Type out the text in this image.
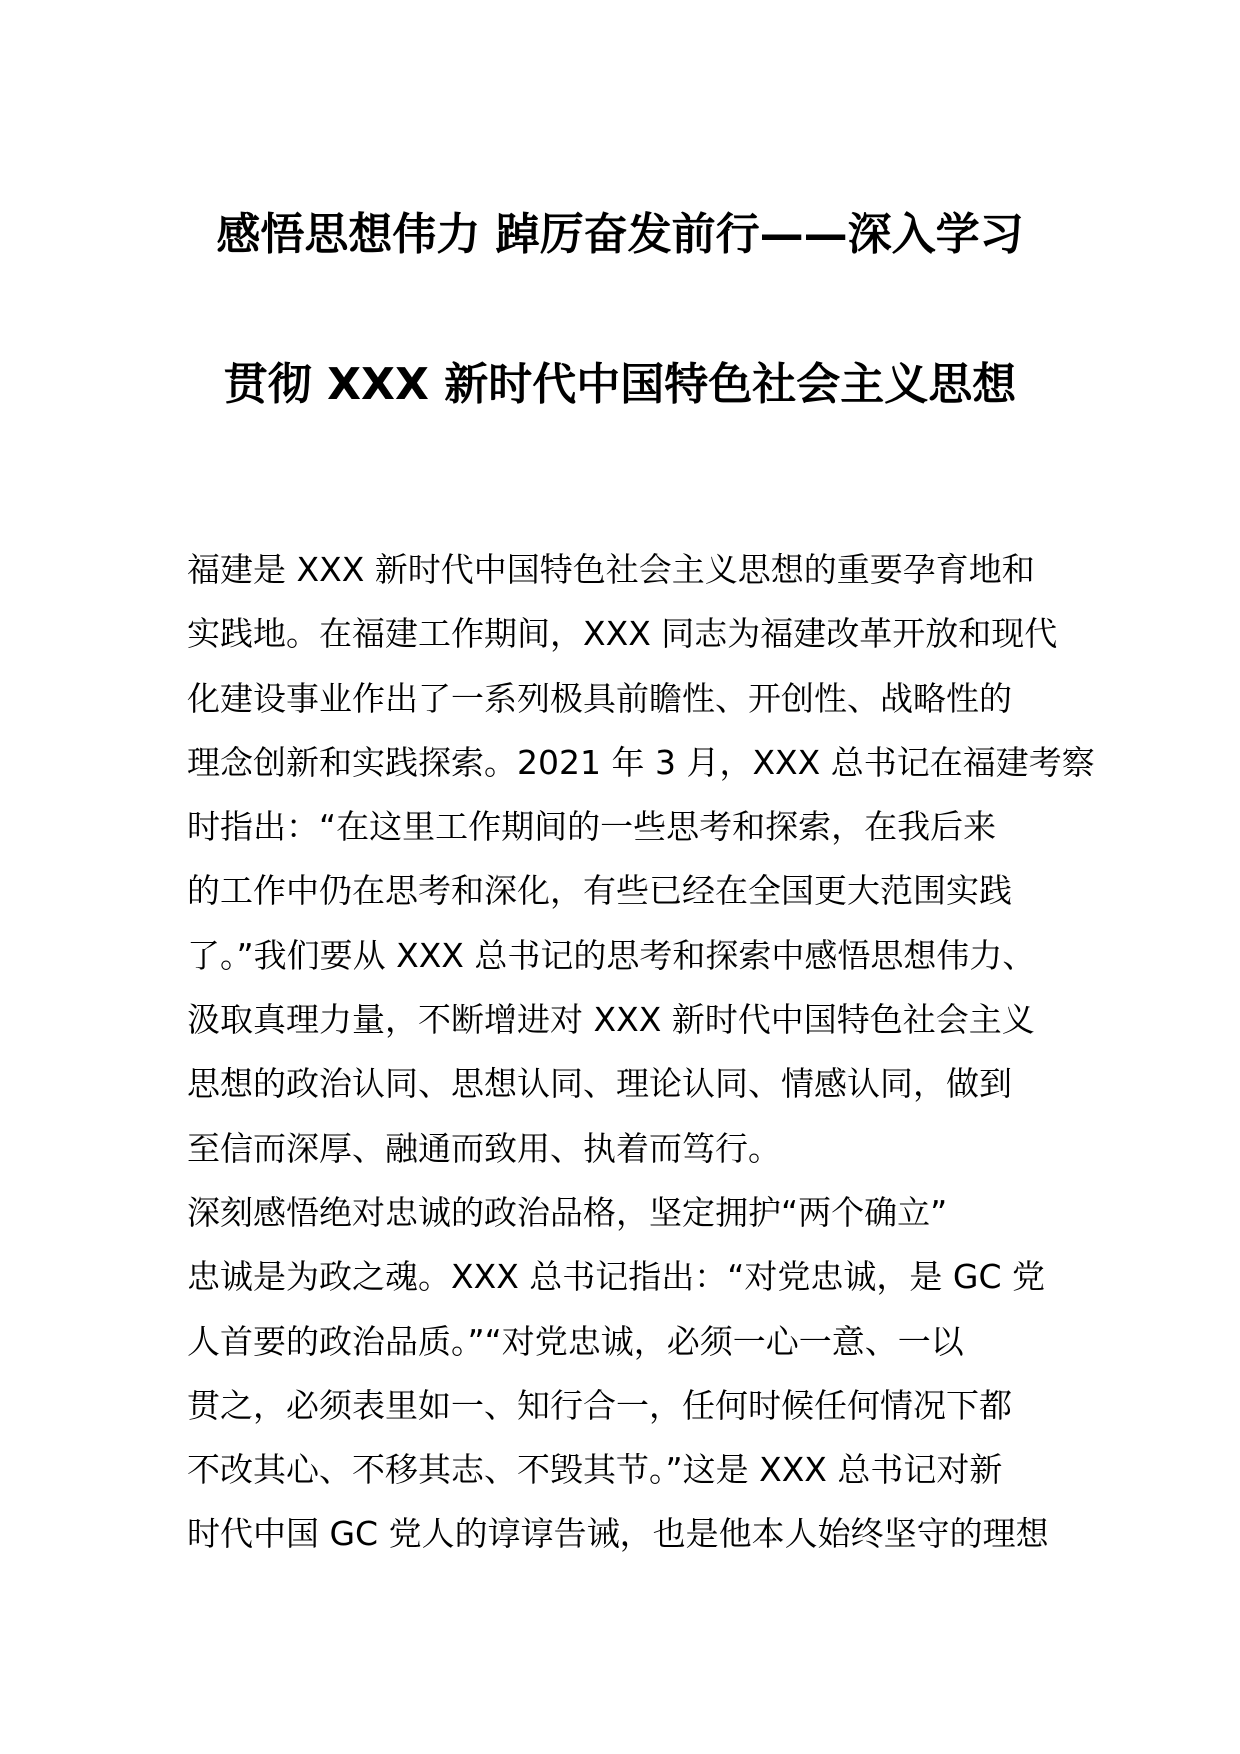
感悟思想伟力 踔厉奋发前行——深入学习
贯彻 XXX 新时代中国特色社会主义思想
福建是 XXX 新时代中国特色社会主义思想的重要孕育地和
实践地。在福建工作期间，XXX 同志为福建改革开放和现代
化建设事业作出了一系列极具前瞻性、开创性、战略性的
理念创新和实践探索。2021 年 3 月，XXX 总书记在福建考察
时指出：“在这里工作期间的一些思考和探索，在我后来
的工作中仍在思考和深化，有些已经在全国更大范围实践
了。”我们要从 XXX 总书记的思考和探索中感悟思想伟力、
汲取真理力量，不断增进对 XXX 新时代中国特色社会主义
思想的政治认同、思想认同、理论认同、情感认同，做到
至信而深厚、融通而致用、执着而笃行。
深刻感悟绝对忠诚的政治品格，坚定拥护“两个确立”
忠诚是为政之魂。XXX 总书记指出：“对党忠诚，是 GC 党
人首要的政治品质。”“对党忠诚，必须一心一意、一以
贯之，必须表里如一、知行合一，任何时候任何情况下都
不改其心、不移其志、不毁其节。”这是 XXX 总书记对新
时代中国 GC 党人的谆谆告诫，也是他本人始终坚守的理想
